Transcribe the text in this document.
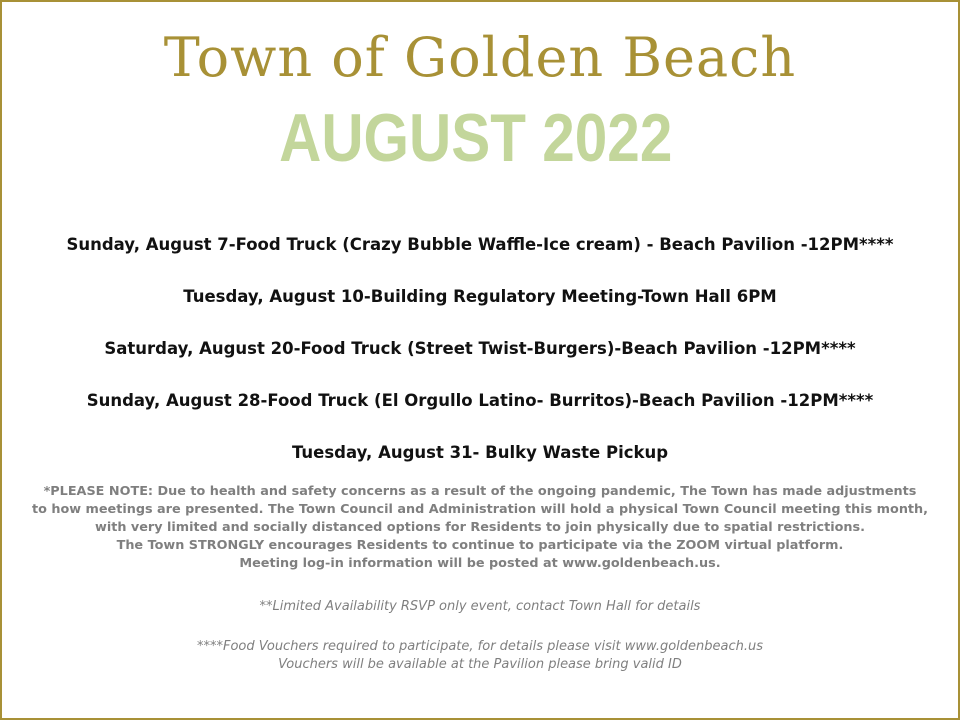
Town of Golden Beach
AUGUST 2022
Sunday, August 7-Food Truck (Crazy Bubble Waffle-Ice cream) - Beach Pavilion -12PM****
Tuesday, August 10-Building Regulatory Meeting-Town Hall 6PM
Saturday, August 20-Food Truck (Street Twist-Burgers)-Beach Pavilion -12PM****
Sunday, August 28-Food Truck (El Orgullo Latino- Burritos)-Beach Pavilion -12PM****
Tuesday, August 31- Bulky Waste Pickup
*PLEASE NOTE: Due to health and safety concerns as a result of the ongoing pandemic, The Town has made adjustments
to how meetings are presented. The Town Council and Administration will hold a physical Town Council meeting this month,
with very limited and socially distanced options for Residents to join physically due to spatial restrictions.
The Town STRONGLY encourages Residents to continue to participate via the ZOOM virtual platform.
Meeting log-in information will be posted at www.goldenbeach.us.
**Limited Availability RSVP only event, contact Town Hall for details
****Food Vouchers required to participate, for details please visit www.goldenbeach.us
Vouchers will be available at the Pavilion please bring valid ID
